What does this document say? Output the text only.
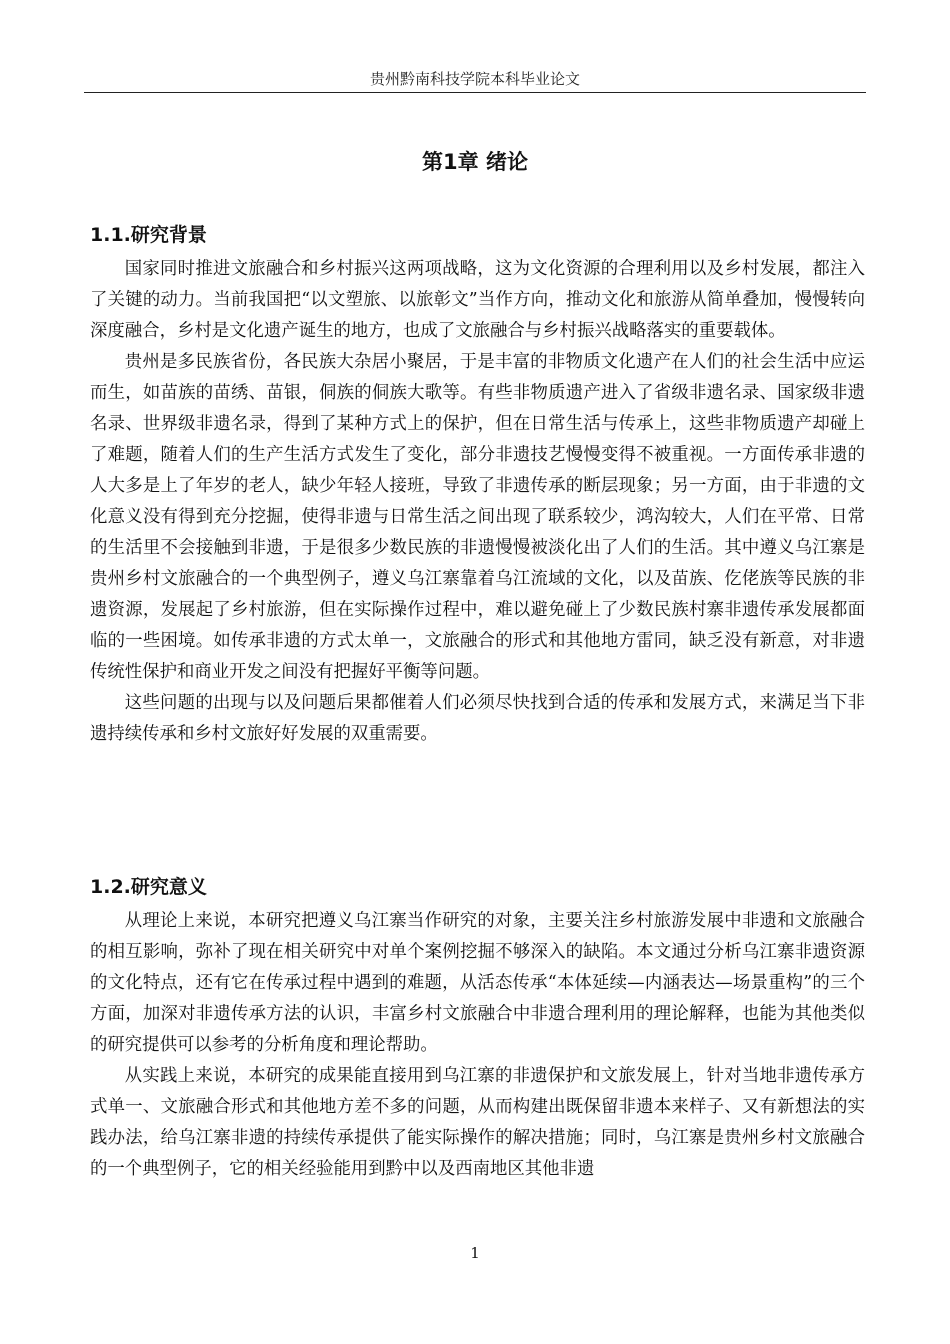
贵州黔南科技学院本科毕业论文
第1章 绪论
1.1.研究背景

国家同时推进文旅融合和乡村振兴这两项战略，这为文化资源的合理利用以及乡村发展，都注入了关键的动力。当前我国把“以文塑旅、以旅彰文”当作方向，推动文化和旅游从简单叠加，慢慢转向深度融合，乡村是文化遗产诞生的地方，也成了文旅融合与乡村振兴战略落实的重要载体。

贵州是多民族省份，各民族大杂居小聚居，于是丰富的非物质文化遗产在人们的社会生活中应运而生，如苗族的苗绣、苗银，侗族的侗族大歌等。有些非物质遗产进入了省级非遗名录、国家级非遗名录、世界级非遗名录，得到了某种方式上的保护，但在日常生活与传承上，这些非物质遗产却碰上了难题，随着人们的生产生活方式发生了变化，部分非遗技艺慢慢变得不被重视。一方面传承非遗的人大多是上了年岁的老人，缺少年轻人接班，导致了非遗传承的断层现象；另一方面，由于非遗的文化意义没有得到充分挖掘，使得非遗与日常生活之间出现了联系较少，鸿沟较大，人们在平常、日常的生活里不会接触到非遗，于是很多少数民族的非遗慢慢被淡化出了人们的生活。其中遵义乌江寨是贵州乡村文旅融合的一个典型例子，遵义乌江寨靠着乌江流域的文化，以及苗族、仡佬族等民族的非遗资源，发展起了乡村旅游，但在实际操作过程中，难以避免碰上了少数民族村寨非遗传承发展都面临的一些困境。如传承非遗的方式太单一，文旅融合的形式和其他地方雷同，缺乏没有新意，对非遗传统性保护和商业开发之间没有把握好平衡等问题。

这些问题的出现与以及问题后果都催着人们必须尽快找到合适的传承和发展方式，来满足当下非遗持续传承和乡村文旅好好发展的双重需要。

1.2.研究意义

从理论上来说，本研究把遵义乌江寨当作研究的对象，主要关注乡村旅游发展中非遗和文旅融合的相互影响，弥补了现在相关研究中对单个案例挖掘不够深入的缺陷。本文通过分析乌江寨非遗资源的文化特点，还有它在传承过程中遇到的难题，从活态传承“本体延续—内涵表达—场景重构”的三个方面，加深对非遗传承方法的认识，丰富乡村文旅融合中非遗合理利用的理论解释，也能为其他类似的研究提供可以参考的分析角度和理论帮助。

从实践上来说，本研究的成果能直接用到乌江寨的非遗保护和文旅发展上，针对当地非遗传承方式单一、文旅融合形式和其他地方差不多的问题，从而构建出既保留非遗本来样子、又有新想法的实践办法，给乌江寨非遗的持续传承提供了能实际操作的解决措施；同时，乌江寨是贵州乡村文旅融合的一个典型例子，它的相关经验能用到黔中以及西南地区其他非遗

1
